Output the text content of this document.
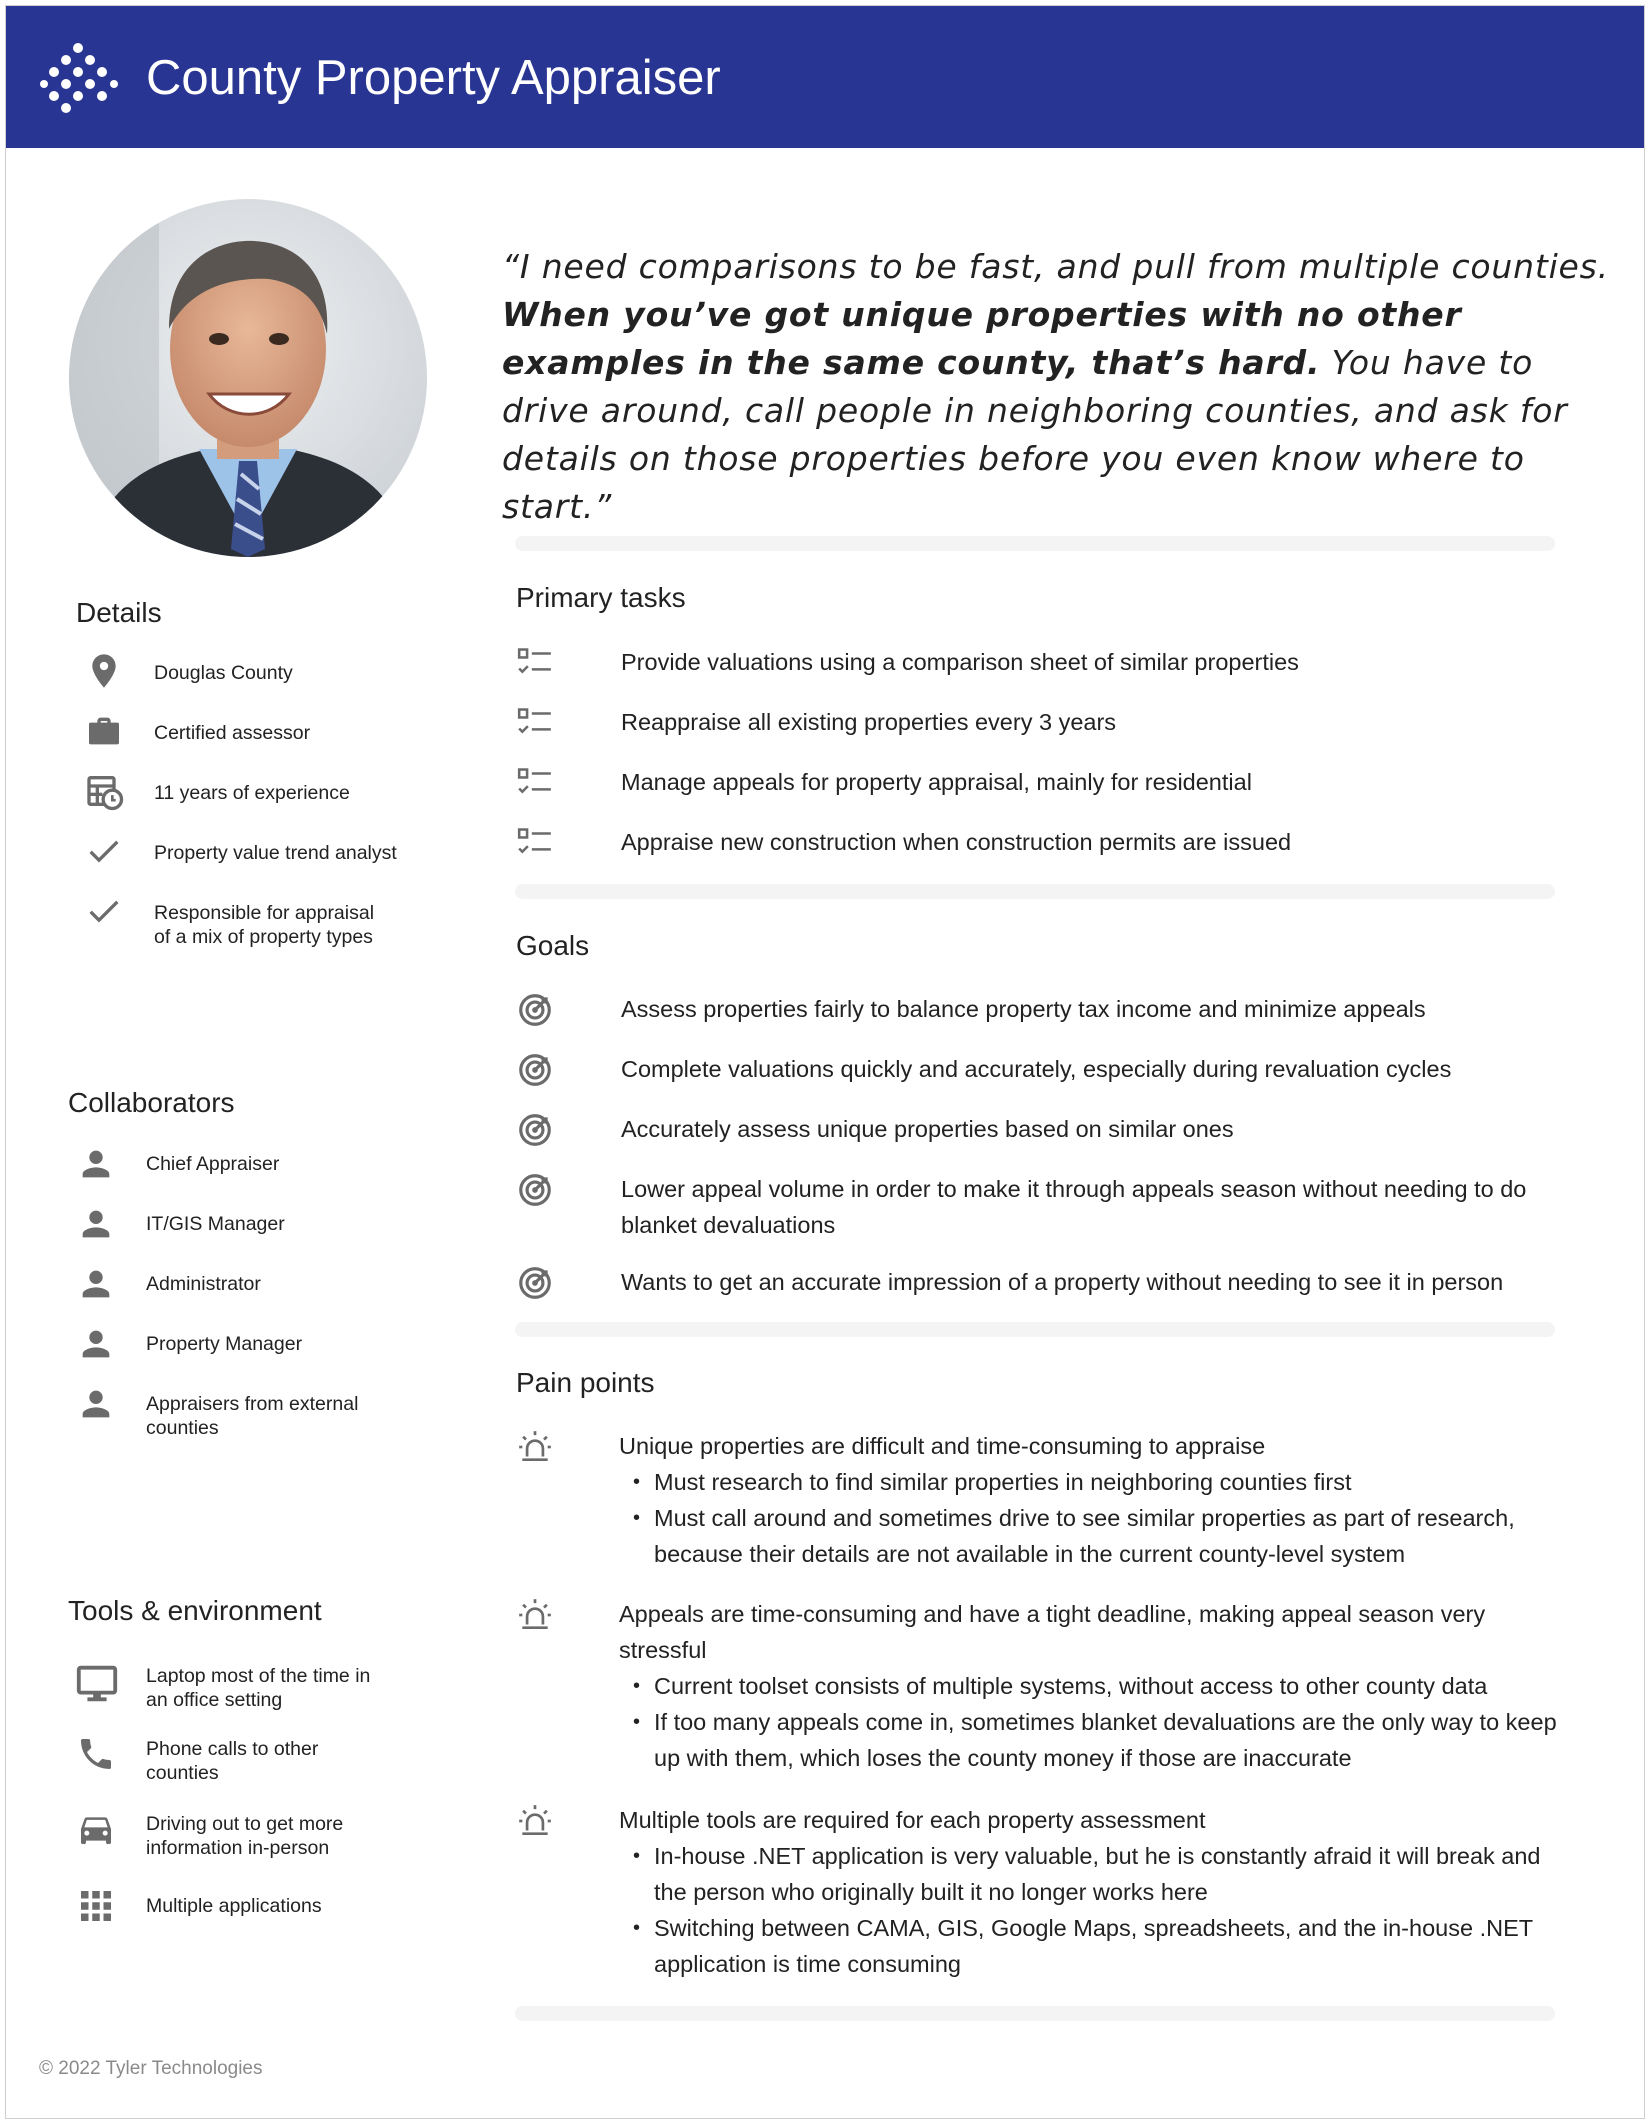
County Property Appraiser
“I need comparisons to be fast, and pull from multiple counties. When you’ve got unique properties with no other examples in the same county, that’s hard. You have to drive around, call people in neighboring counties, and ask for details on those properties before you even know where to start.”
Details
Douglas County
Certified assessor
11 years of experience
Property value trend analyst
Responsible for appraisal
of a mix of property types
Collaborators
Chief Appraiser
IT/GIS Manager
Administrator
Property Manager
Appraisers from external
counties
Tools & environment
Laptop most of the time in
an office setting
Phone calls to other
counties
Driving out to get more
information in-person
Multiple applications
Primary tasks
Provide valuations using a comparison sheet of similar properties
Reappraise all existing properties every 3 years
Manage appeals for property appraisal, mainly for residential
Appraise new construction when construction permits are issued
Goals
Assess properties fairly to balance property tax income and minimize appeals
Complete valuations quickly and accurately, especially during revaluation cycles
Accurately assess unique properties based on similar ones
Lower appeal volume in order to make it through appeals season without needing to do blanket devaluations
Wants to get an accurate impression of a property without needing to see it in person
Pain points
Unique properties are difficult and time-consuming to appraise
• Must research to find similar properties in neighboring counties first
• Must call around and sometimes drive to see similar properties as part of research, because their details are not available in the current county-level system
Appeals are time-consuming and have a tight deadline, making appeal season very stressful
• Current toolset consists of multiple systems, without access to other county data
• If too many appeals come in, sometimes blanket devaluations are the only way to keep up with them, which loses the county money if those are inaccurate
Multiple tools are required for each property assessment
• In-house .NET application is very valuable, but he is constantly afraid it will break and the person who originally built it no longer works here
• Switching between CAMA, GIS, Google Maps, spreadsheets, and the in-house .NET application is time consuming
© 2022 Tyler Technologies
